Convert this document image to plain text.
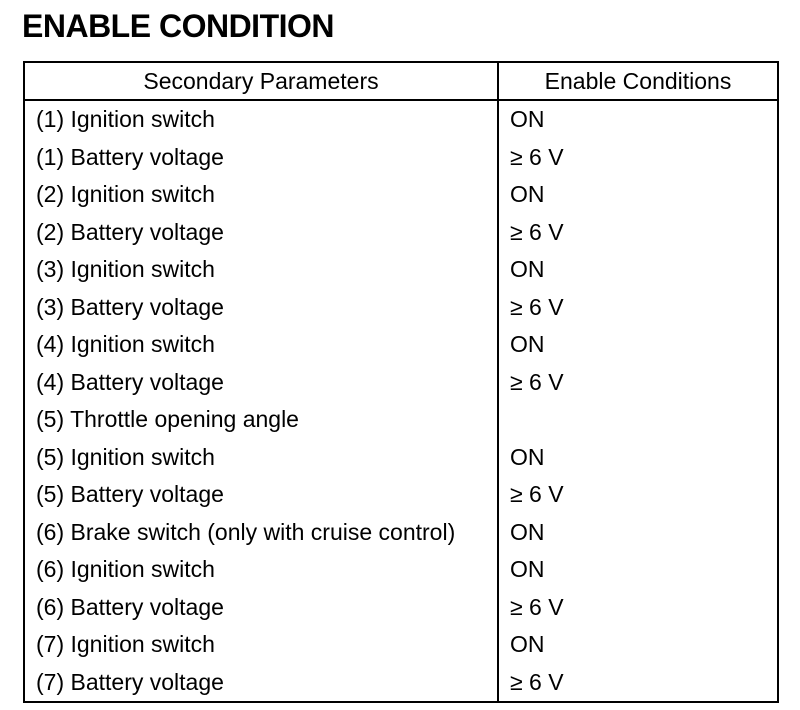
ENABLE CONDITION
Secondary Parameters	Enable Conditions
(1) Ignition switch	ON
(1) Battery voltage	≥ 6 V
(2) Ignition switch	ON
(2) Battery voltage	≥ 6 V
(3) Ignition switch	ON
(3) Battery voltage	≥ 6 V
(4) Ignition switch	ON
(4) Battery voltage	≥ 6 V
(5) Throttle opening angle	
(5) Ignition switch	ON
(5) Battery voltage	≥ 6 V
(6) Brake switch (only with cruise control)	ON
(6) Ignition switch	ON
(6) Battery voltage	≥ 6 V
(7) Ignition switch	ON
(7) Battery voltage	≥ 6 V
